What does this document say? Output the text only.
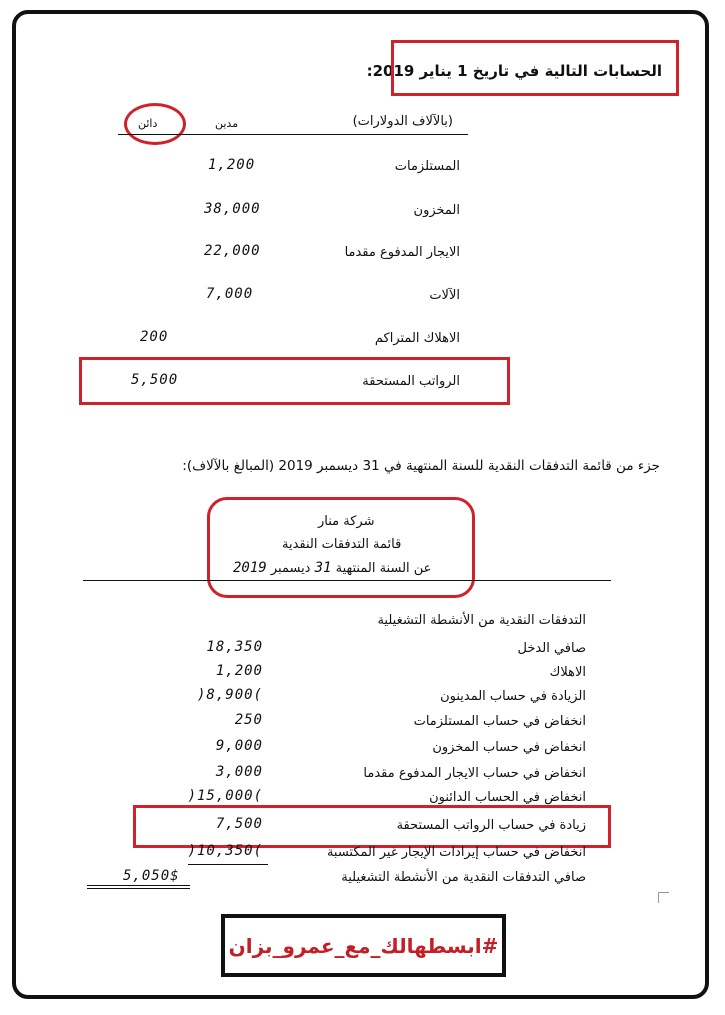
الحسابات التالية في تاريخ 1 يناير 2019:
دائن	مدين	(بالآلاف الدولارات)
المستلزمات
1,200
المخزون
38,000
الايجار المدفوع مقدما
22,000
الآلات
7,000
الاهلاك المتراكم
200
الرواتب المستحقة
5,500
جزء من قائمة التدفقات النقدية للسنة المنتهية في 31 ديسمبر 2019 (المبالغ بالآلاف):
شركة منار
قائمة التدفقات النقدية
عن السنة المنتهية 31 ديسمبر 2019
التدفقات النقدية من الأنشطة التشغيلية
صافي الدخل
18,350
الاهلاك
1,200
الزيادة في حساب المدينون
)8,900(
انخفاض في حساب المستلزمات
250
انخفاض في حساب المخزون
9,000
انخفاض في حساب الايجار المدفوع مقدما
3,000
انخفاض في الحساب الدائنون
)15,000(
زيادة في حساب الرواتب المستحقة
7,500
انخفاض في حساب إيرادات الإيجار غير المكتسبة
)10,350(
صافي التدفقات النقدية من الأنشطة التشغيلية
5,050$
#ابسطهالك_مع_عمرو_بزان
